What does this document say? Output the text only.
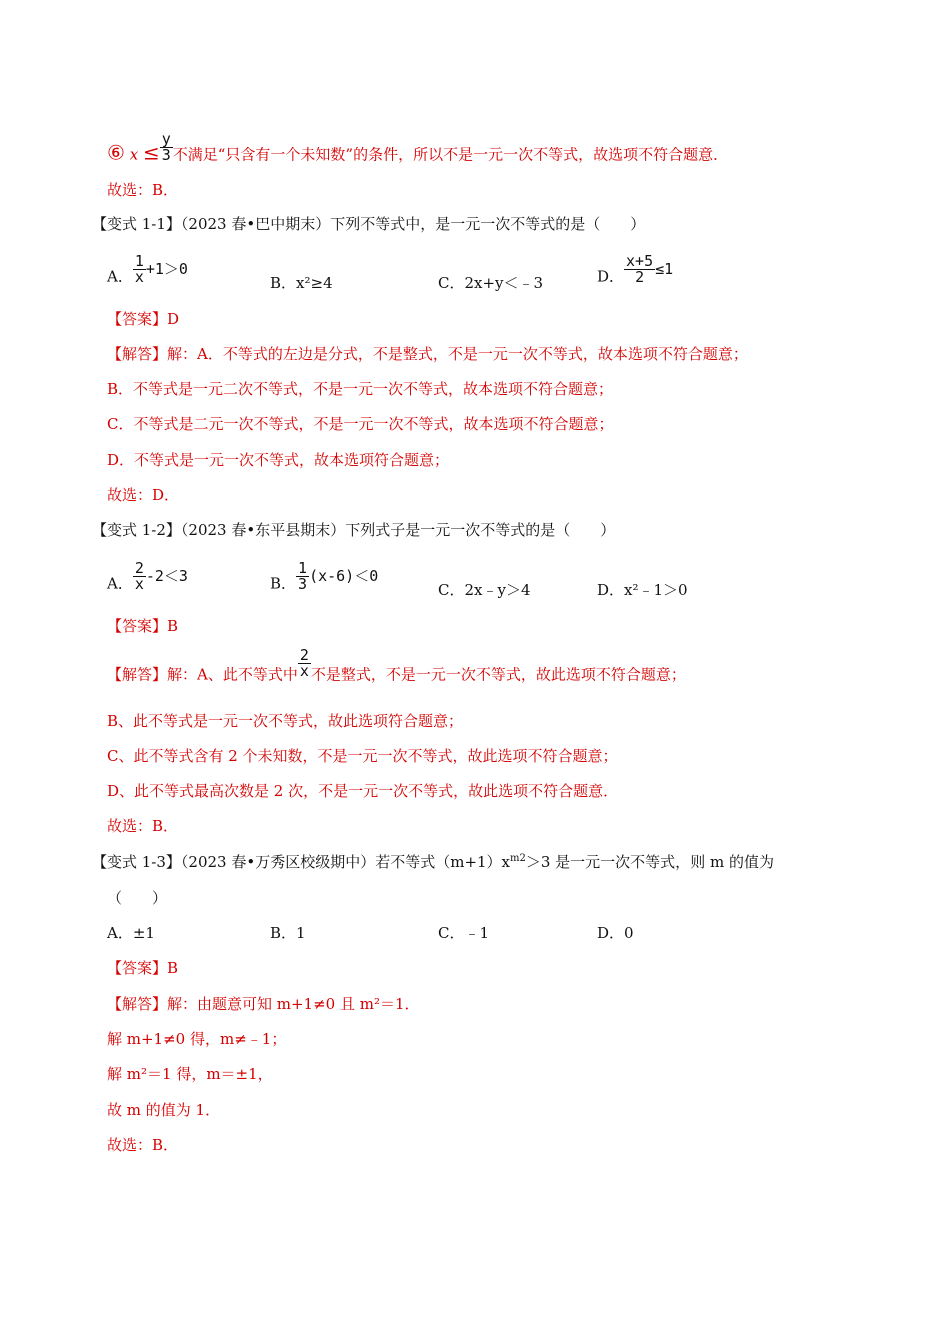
⑥ $x \le \frac{y}{3}$ 不满足“只含有一个未知数”的条件，所以不是一元一次不等式，故选项不符合题意．
故选：B．
【变式 1-1】（2023 春•巴中期末）下列不等式中，是一元一次不等式的是（　　）
A． $\frac{1}{x} +1>0$
B．x²≥4	C．2x+y＜﹣3	D． $\frac{x+5}{2} \le 1$
【答案】D
【解答】解：A．不等式的左边是分式，不是整式，不是一元一次不等式，故本选项不符合题意；
B．不等式是一元二次不等式，不是一元一次不等式，故本选项不符合题意；
C．不等式是二元一次不等式，不是一元一次不等式，故本选项不符合题意；
D．不等式是一元一次不等式，故本选项符合题意；
故选：D．
【变式 1-2】（2023 春•东平县期末）下列式子是一元一次不等式的是（　　）
A． $\frac{2}{x} -2<3$	B． $\frac{1}{3} (x-6)<0$
C．2x﹣y＞4	D．x²﹣1＞0
【答案】B
【解答】解：A、此不等式中 $\frac{2}{x}$ 不是整式，不是一元一次不等式，故此选项不符合题意；
B、此不等式是一元一次不等式，故此选项符合题意；
C、此不等式含有 2 个未知数，不是一元一次不等式，故此选项不符合题意；
D、此不等式最高次数是 2 次，不是一元一次不等式，故此选项不符合题意．
故选：B．
【变式 1-3】（2023 春•万秀区校级期中）若不等式$(m+1)x^{m2}>3$ 是一元一次不等式，则 m 的值为
（　　）
A．±1	B．1	C．﹣1	D．0
【答案】B
【解答】解：由题意可知 m+1≠0 且 m²＝1．
解 m+1≠0 得，m≠﹣1；
解 m²＝1 得，m＝±1，
故 m 的值为 1．
故选：B．
